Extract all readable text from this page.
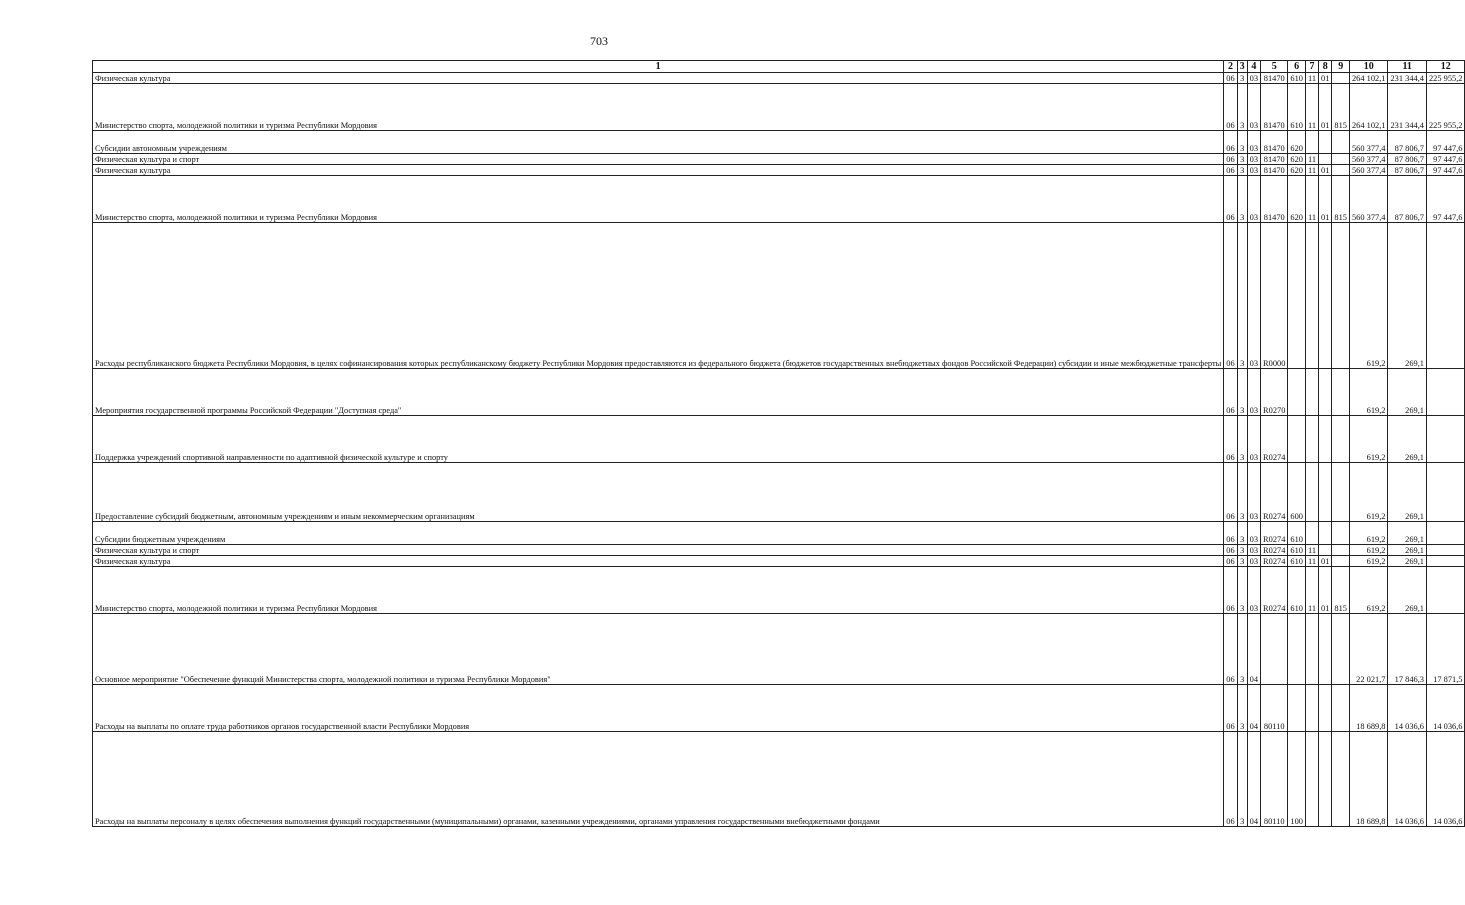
703
1	2	3	4	5	6	7	8	9	10	11	12
Физическая культура	06	3	03	81470	610	11	01		264 102,1	231 344,4	225 955,2
Министерство спорта, молодежной политики и туризма Республики Мордовия	06	3	03	81470	610	11	01	815	264 102,1	231 344,4	225 955,2
Субсидии автономным учреждениям	06	3	03	81470	620				560 377,4	87 806,7	97 447,6
Физическая культура и спорт	06	3	03	81470	620	11			560 377,4	87 806,7	97 447,6
Физическая культура	06	3	03	81470	620	11	01		560 377,4	87 806,7	97 447,6
Министерство спорта, молодежной политики и туризма Республики Мордовия	06	3	03	81470	620	11	01	815	560 377,4	87 806,7	97 447,6
Расходы республиканского бюджета Республики Мордовия, в целях софинансирования которых республиканскому бюджету Республики Мордовия предоставляются из федерального бюджета (бюджетов государственных внебюджетных фондов Российской Федерации) субсидии и иные межбюджетные трансферты	06	3	03	R0000					619,2	269,1	
Мероприятия государственной программы Российской Федерации "Доступная среда"	06	3	03	R0270					619,2	269,1	
Поддержка учреждений спортивной направленности по адаптивной физической культуре и спорту	06	3	03	R0274					619,2	269,1	
Предоставление субсидий бюджетным, автономным учреждениям и иным некоммерческим организациям	06	3	03	R0274	600				619,2	269,1	
Субсидии бюджетным учреждениям	06	3	03	R0274	610				619,2	269,1	
Физическая культура и спорт	06	3	03	R0274	610	11			619,2	269,1	
Физическая культура	06	3	03	R0274	610	11	01		619,2	269,1	
Министерство спорта, молодежной политики и туризма Республики Мордовия	06	3	03	R0274	610	11	01	815	619,2	269,1	
Основное мероприятие "Обеспечение функций Министерства спорта, молодежной политики и туризма Республики Мордовия"	06	3	04						22 021,7	17 846,3	17 871,5
Расходы на выплаты по оплате труда работников органов государственной власти Республики Мордовия	06	3	04	80110					18 689,8	14 036,6	14 036,6
Расходы на выплаты персоналу в целях обеспечения выполнения функций государственными (муниципальными) органами, казенными учреждениями, органами управления государственными внебюджетными фондами	06	3	04	80110	100				18 689,8	14 036,6	14 036,6
